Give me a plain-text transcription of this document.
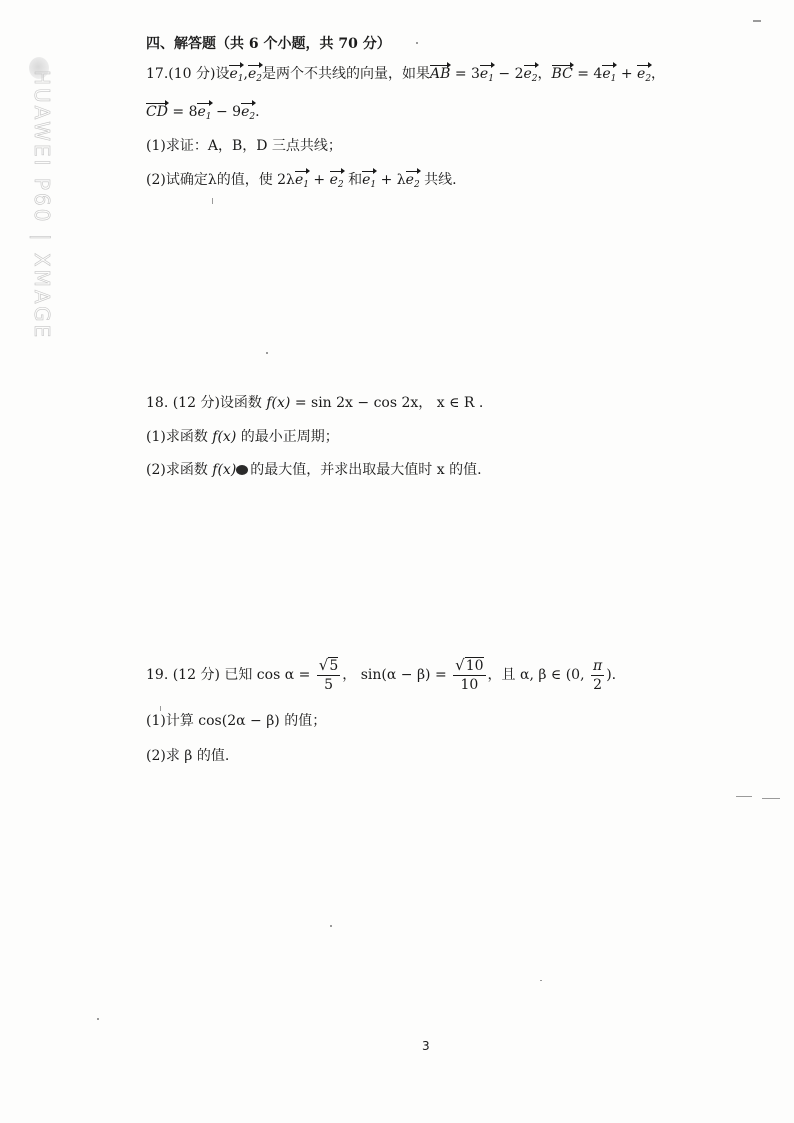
HUAWEI P60 | XMAGE
四、解答题（共 6 个小题，共 70 分）
17.(10 分)设$e_1,e_2$是两个不共线的向量，如果AB = $3e_1 - 2e_2$，BC = $4e_1 + e_2$，
CD = $8e_1 - 9e_2$.
(1)求证：A，B，D 三点共线；
(2)试确定λ的值，使 $2\lambda e_1 + e_2$ 和$e_1 + \lambda e_2$ 共线.
18. (12 分)设函数 f(x) = sin 2x − cos 2x， x ∈ R .
(1)求函数 f(x) 的最小正周期；
(2)求函数 f(x) 的最大值，并求出取最大值时 x 的值.
19. (12 分) 已知 $\cos \alpha = \frac{√5}{5}$ ， $\sin(\alpha - \beta) = \frac{√10}{10}$ ，且 α, β ∈ (0, $\frac{\pi}{2}$ ).
(1)计算 cos(2α − β) 的值；
(2)求 β 的值.
3
